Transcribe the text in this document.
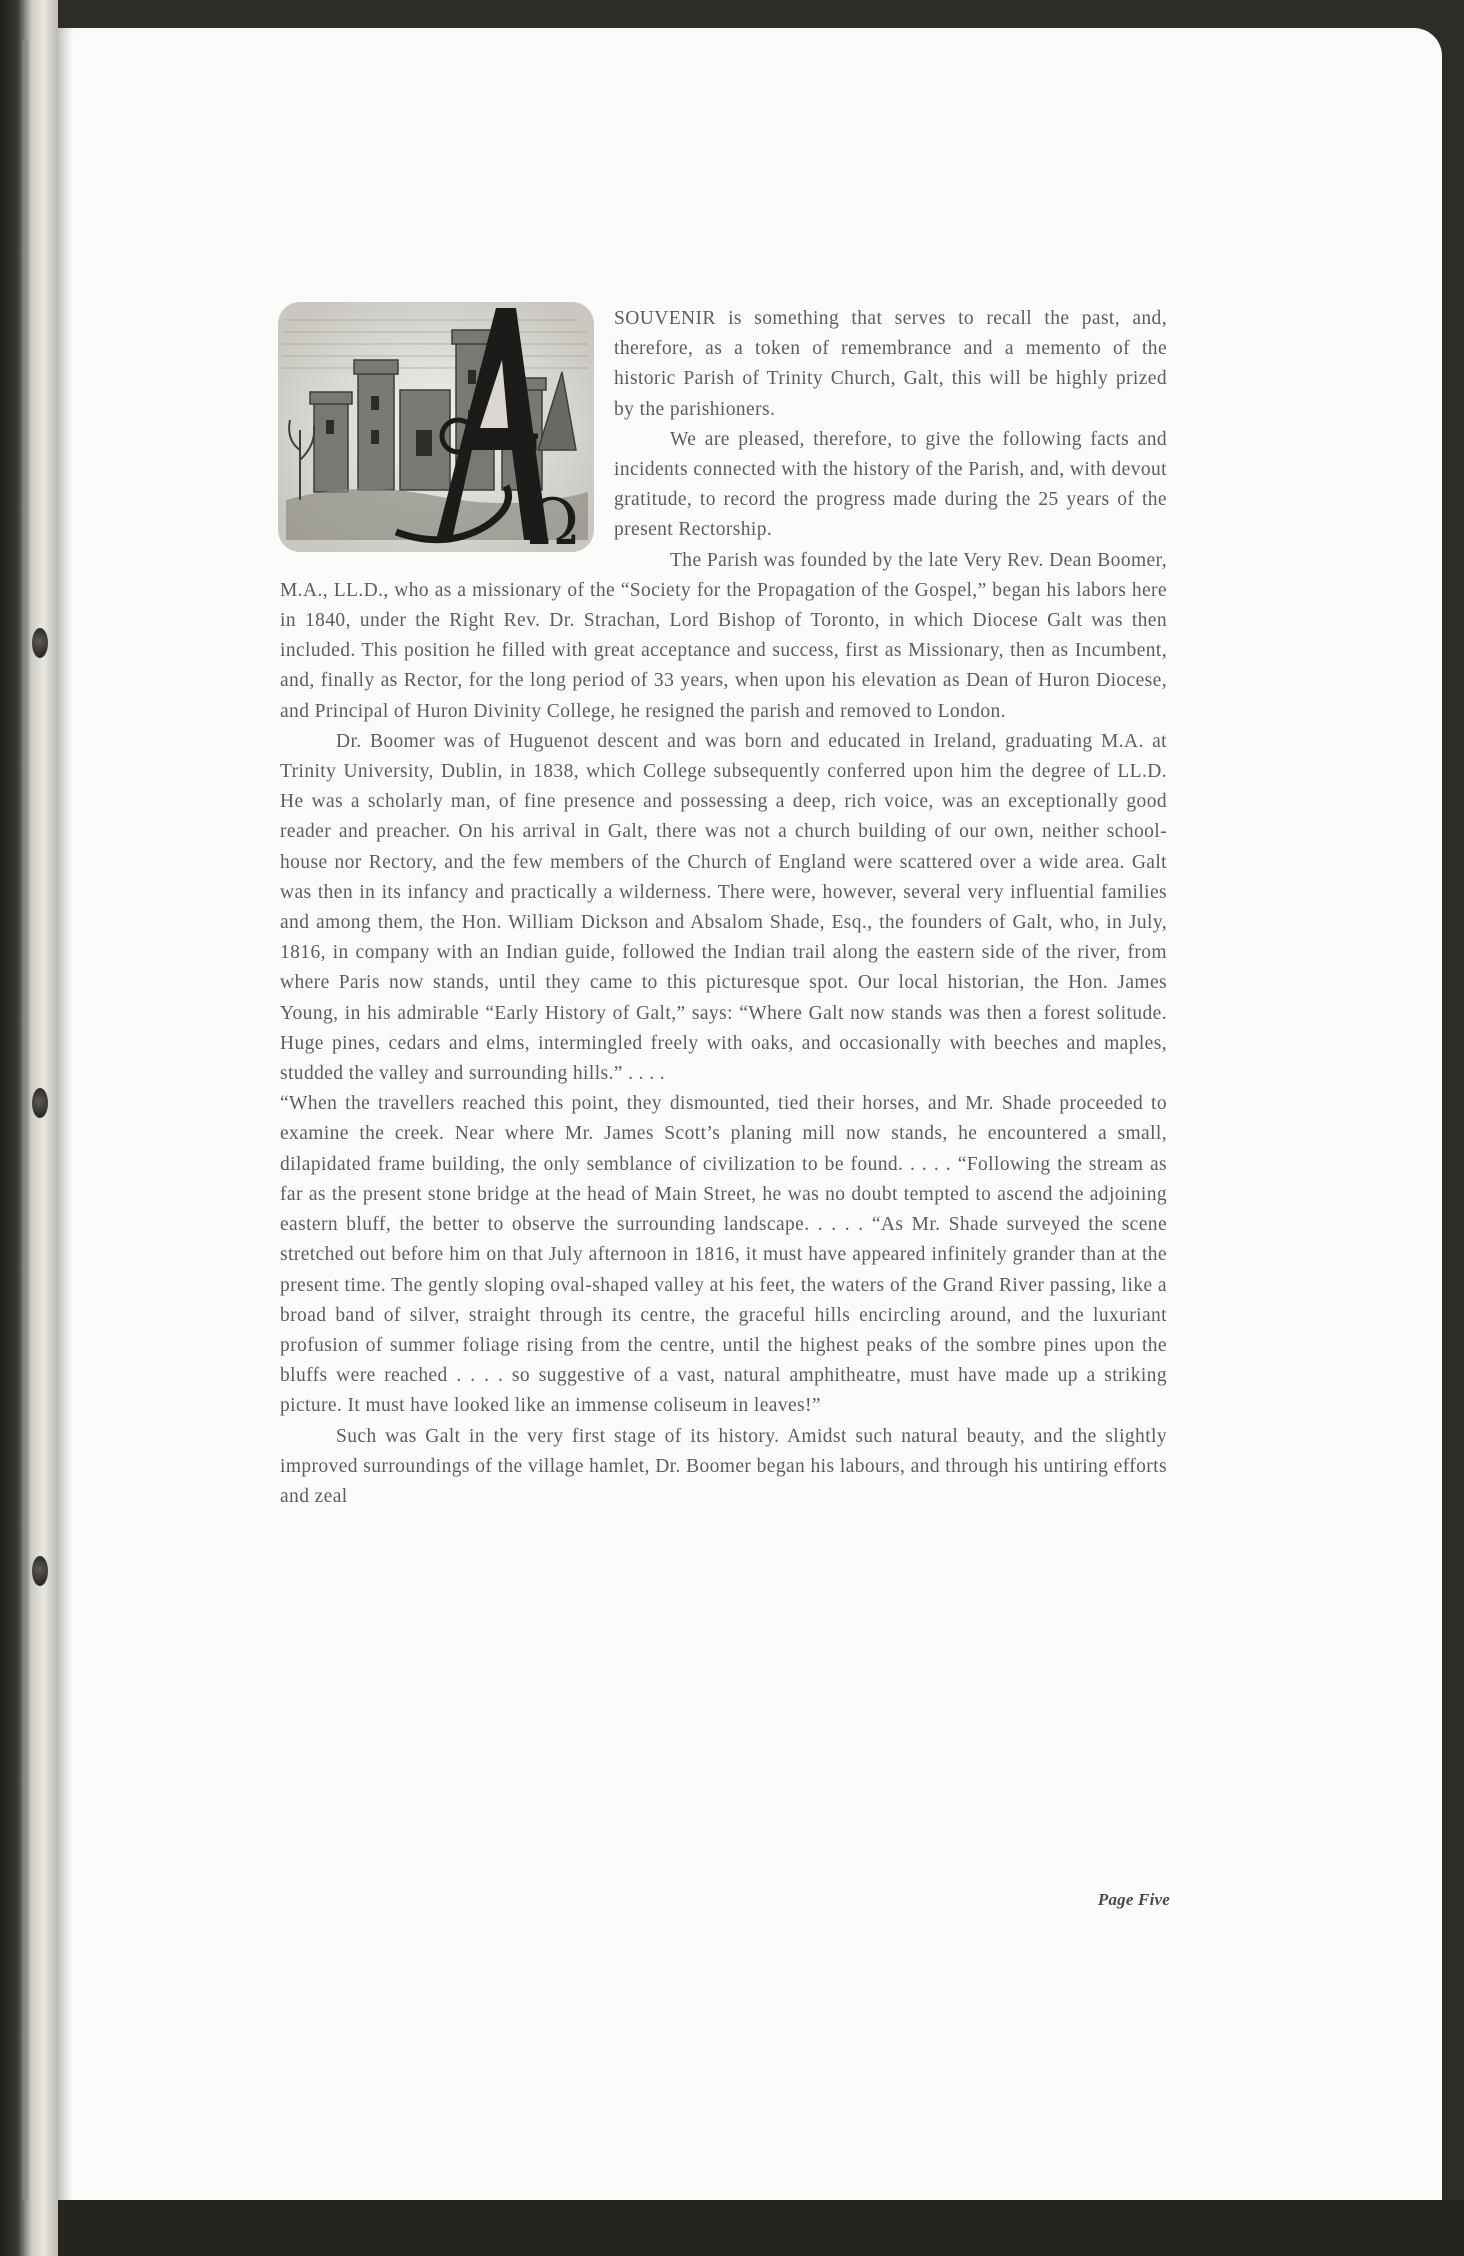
Ω

SOUVENIR is something that serves to recall the past, and, therefore, as a token of remembrance and a memento of the historic Parish of Trinity Church, Galt, this will be highly prized by the parishioners.

We are pleased, therefore, to give the following facts and incidents connected with the history of the Parish, and, with devout gratitude, to record the progress made during the 25 years of the present Rectorship.

The Parish was founded by the late Very Rev. Dean Boomer, M.A., LL.D., who as a missionary of the “Society for the Propagation of the Gospel,” began his labors here in 1840, under the Right Rev. Dr. Strachan, Lord Bishop of Toronto, in which Diocese Galt was then included. This position he filled with great acceptance and success, first as Missionary, then as Incumbent, and, finally as Rector, for the long period of 33 years, when upon his elevation as Dean of Huron Diocese, and Principal of Huron Divinity College, he resigned the parish and removed to London.

Dr. Boomer was of Huguenot descent and was born and educated in Ireland, graduating M.A. at Trinity University, Dublin, in 1838, which College subsequently conferred upon him the degree of LL.D. He was a scholarly man, of fine presence and possessing a deep, rich voice, was an exceptionally good reader and preacher. On his arrival in Galt, there was not a church building of our own, neither school-house nor Rectory, and the few members of the Church of England were scattered over a wide area. Galt was then in its infancy and practically a wilderness. There were, however, several very influential families and among them, the Hon. William Dickson and Absalom Shade, Esq., the founders of Galt, who, in July, 1816, in company with an Indian guide, followed the Indian trail along the eastern side of the river, from where Paris now stands, until they came to this picturesque spot. Our local historian, the Hon. James Young, in his admirable “Early History of Galt,” says: “Where Galt now stands was then a forest solitude. Huge pines, cedars and elms, intermingled freely with oaks, and occasionally with beeches and maples, studded the valley and surrounding hills.” . . . .

“When the travellers reached this point, they dismounted, tied their horses, and Mr. Shade proceeded to examine the creek. Near where Mr. James Scott’s planing mill now stands, he encountered a small, dilapidated frame building, the only semblance of civilization to be found. . . . . “Following the stream as far as the present stone bridge at the head of Main Street, he was no doubt tempted to ascend the adjoining eastern bluff, the better to observe the surrounding landscape. . . . . “As Mr. Shade surveyed the scene stretched out before him on that July afternoon in 1816, it must have appeared infinitely grander than at the present time. The gently sloping oval-shaped valley at his feet, the waters of the Grand River passing, like a broad band of silver, straight through its centre, the graceful hills encircling around, and the luxuriant profusion of summer foliage rising from the centre, until the highest peaks of the sombre pines upon the bluffs were reached . . . . so suggestive of a vast, natural amphitheatre, must have made up a striking picture. It must have looked like an immense coliseum in leaves!”

Such was Galt in the very first stage of its history. Amidst such natural beauty, and the slightly improved surroundings of the village hamlet, Dr. Boomer began his labours, and through his untiring efforts and zeal

Page Five
